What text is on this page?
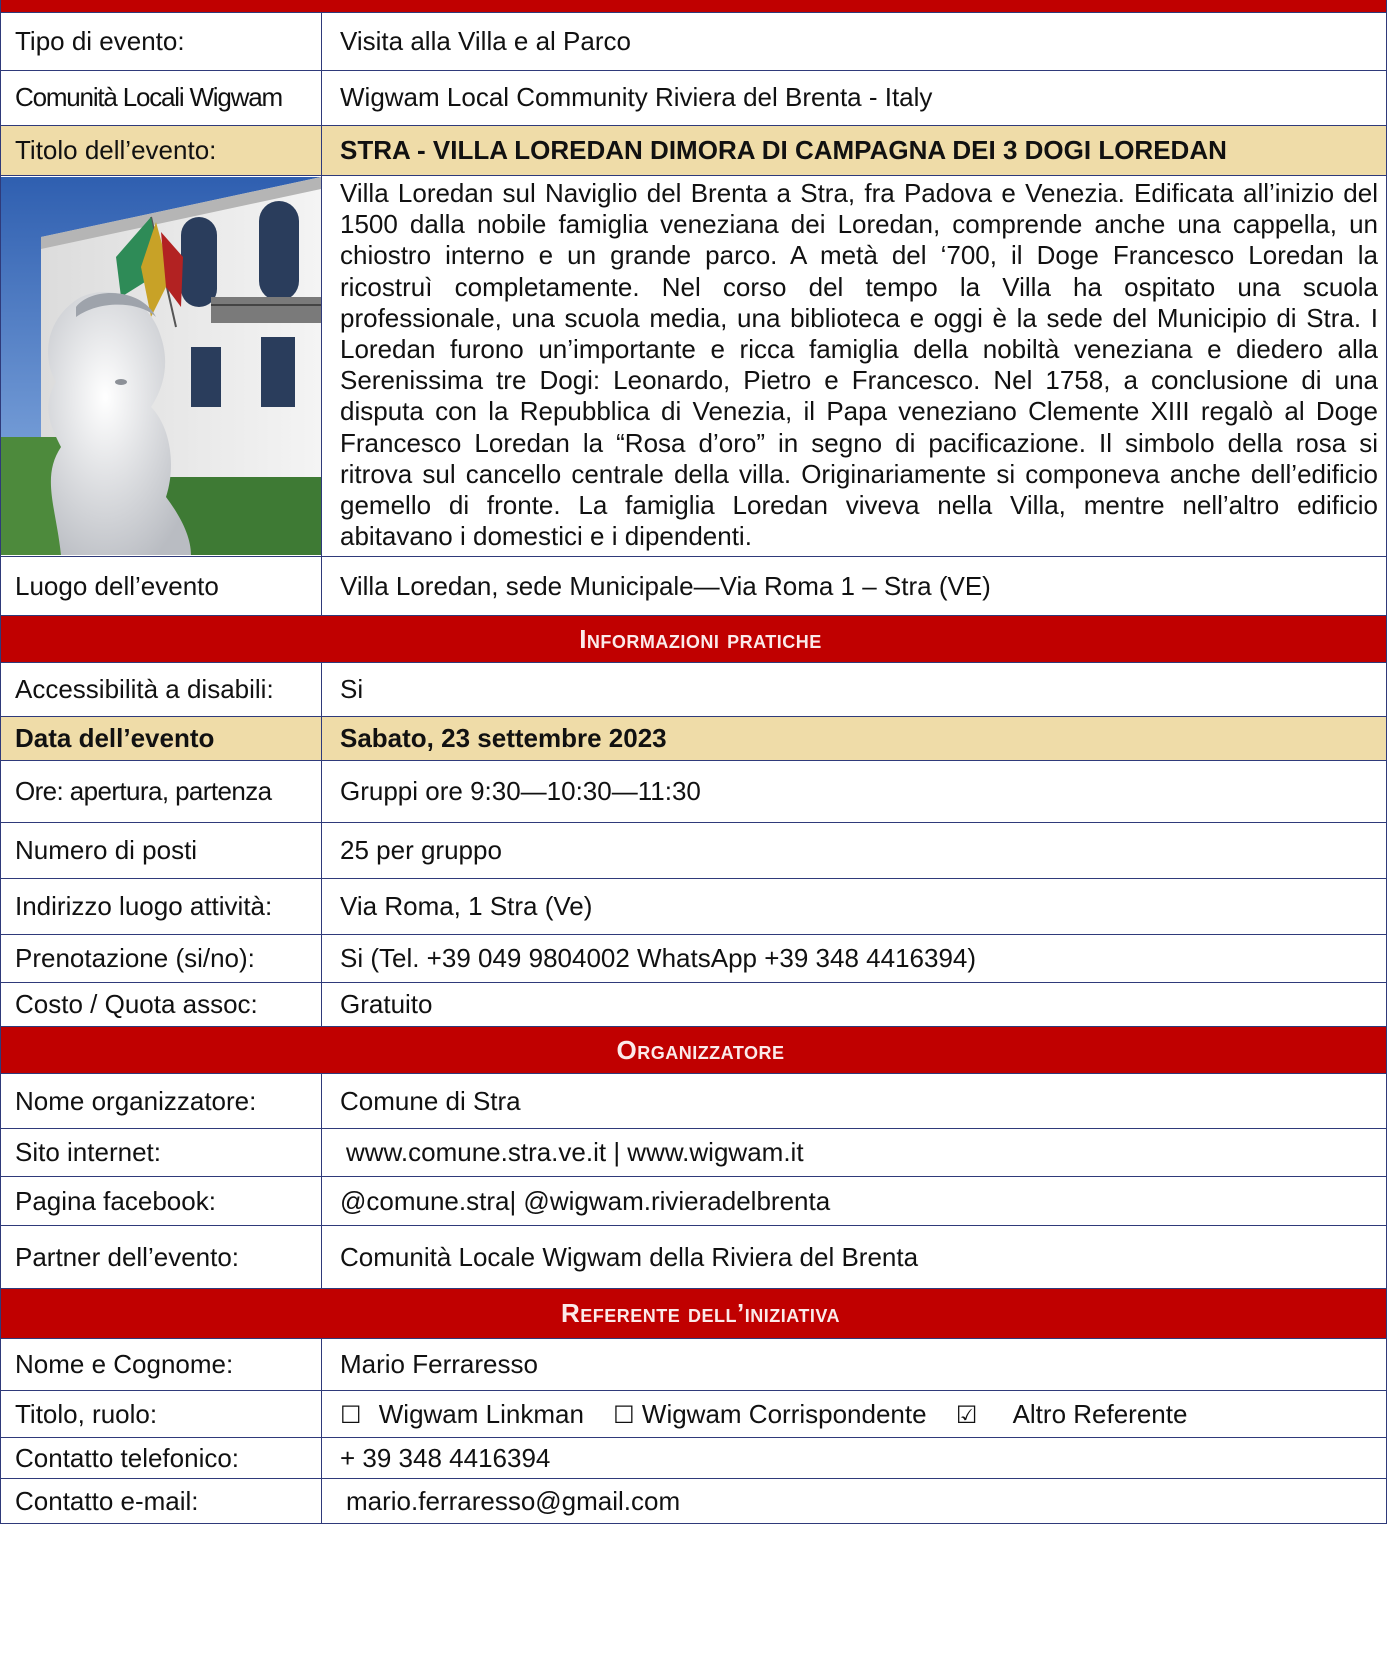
Tipo di evento:	Visita alla Villa e al Parco
Comunità Locali Wigwam	Wigwam Local Community Riviera del Brenta - Italy
Titolo dell’evento:	STRA - VILLA LOREDAN DIMORA DI CAMPAGNA DEI 3 DOGI LOREDAN

	Villa Loredan sul Naviglio del Brenta a Stra, fra Padova e Venezia. Edificata all’inizio del 1500 dalla nobile famiglia veneziana dei Loredan, comprende anche una cappella, un chiostro interno e un grande parco. A metà del ‘700, il Doge Francesco Loredan la ricostruì completamente. Nel corso del tempo la Villa ha ospitato una scuola professionale, una scuola media, una biblioteca e oggi è la sede del Municipio di Stra. I Loredan furono un’importante e ricca famiglia della nobiltà veneziana e diedero alla Serenissima tre Dogi: Leonardo, Pietro e Francesco. Nel 1758, a conclusione di una disputa con la Repubblica di Venezia, il Papa veneziano Clemente XIII regalò al Doge Francesco Loredan la “Rosa d’oro” in segno di pacificazione. Il simbolo della rosa si ritrova sul cancello centrale della villa. Originariamente si componeva anche dell’edificio gemello di fronte. La famiglia Loredan viveva nella Villa, mentre nell’altro edificio abitavano i domestici e i dipendenti.
Luogo dell’evento	Villa Loredan, sede Municipale—Via Roma 1 – Stra (VE)
Informazioni pratiche	
Accessibilità a disabili:	Si
Data dell’evento	Sabato, 23 settembre 2023
Ore: apertura, partenza	Gruppi ore 9:30—10:30—11:30
Numero di posti	25 per gruppo
Indirizzo luogo attività:	Via Roma, 1 Stra (Ve)
Prenotazione (si/no):	Si (Tel. +39 049 9804002 WhatsApp +39 348 4416394)
Costo / Quota assoc:	Gratuito
Organizzatore	
Nome organizzatore:	Comune di Stra
Sito internet:	www.comune.stra.ve.it | www.wigwam.it
Pagina facebook:	@comune.stra| @wigwam.rivieradelbrenta
Partner dell’evento:	Comunità Locale Wigwam della Riviera del Brenta
Referente dell’iniziativa	
Nome e Cognome:	Mario Ferraresso
Titolo, ruolo:	☐ Wigwam Linkman ☐ Wigwam Corrispondente ☑ Altro Referente
Contatto telefonico:	+ 39 348 4416394
Contatto e-mail:	mario.ferraresso@gmail.com
